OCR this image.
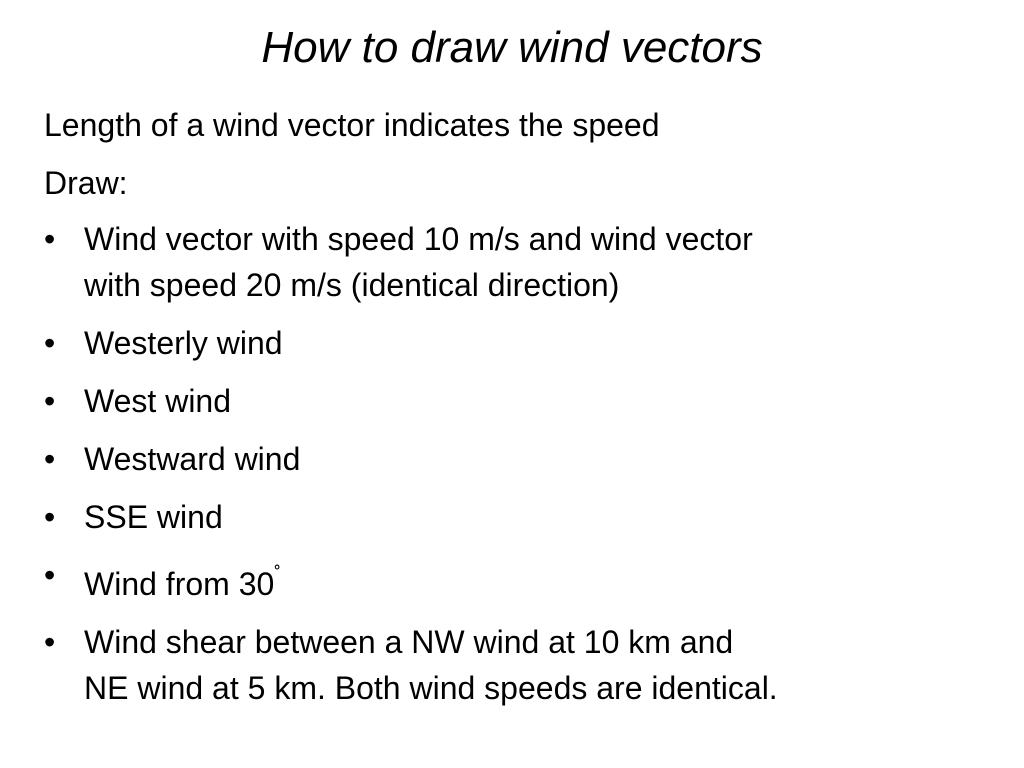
How to draw wind vectors
Length of a wind vector indicates the speed
Draw:
• Wind vector with speed 10 m/s and wind vector
with speed 20 m/s (identical direction)
• Westerly wind
• West wind
• Westward wind
• SSE wind
• Wind from 30˚
• Wind shear between a NW wind at 10 km and
NE wind at 5 km. Both wind speeds are identical.
